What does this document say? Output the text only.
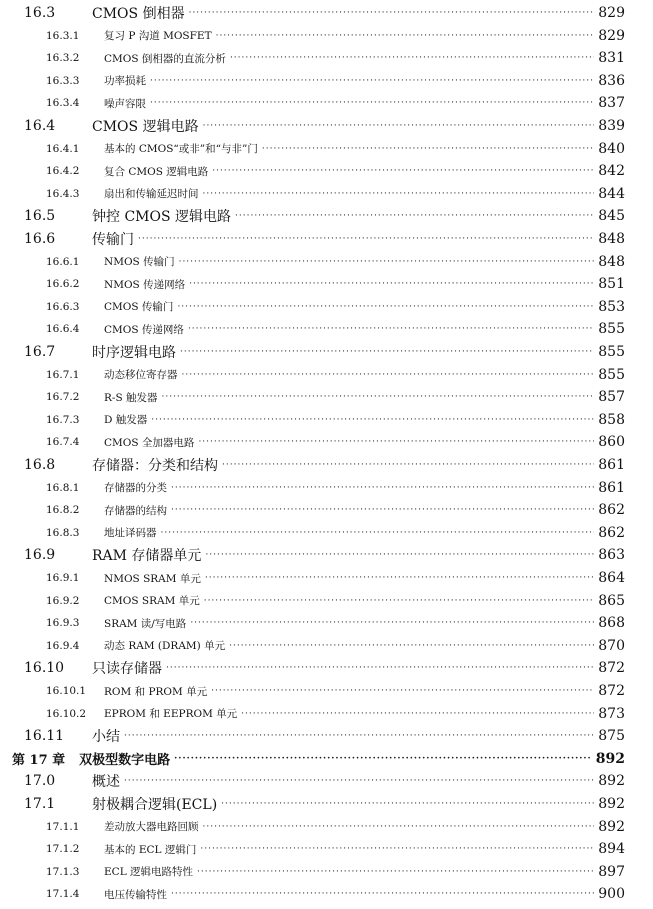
16.3	CMOS 倒相器 ·····	829
16.3.1	复习 P 沟道 MOSFET ·····	829
16.3.2	CMOS 倒相器的直流分析 ·····	831
16.3.3	功率损耗 ·····	836
16.3.4	噪声容限 ·····	837
16.4	CMOS 逻辑电路 ·····	839
16.4.1	基本的 CMOS“或非”和“与非”门 ·····	840
16.4.2	复合 CMOS 逻辑电路 ·····	842
16.4.3	扇出和传输延迟时间 ·····	844
16.5	钟控 CMOS 逻辑电路 ·····	845
16.6	传输门 ·····	848
16.6.1	NMOS 传输门 ·····	848
16.6.2	NMOS 传递网络 ·····	851
16.6.3	CMOS 传输门 ·····	853
16.6.4	CMOS 传递网络 ·····	855
16.7	时序逻辑电路 ·····	855
16.7.1	动态移位寄存器 ·····	855
16.7.2	R-S 触发器 ·····	857
16.7.3	D 触发器 ·····	858
16.7.4	CMOS 全加器电路 ·····	860
16.8	存储器：分类和结构 ·····	861
16.8.1	存储器的分类 ·····	861
16.8.2	存储器的结构 ·····	862
16.8.3	地址译码器 ·····	862
16.9	RAM 存储器单元 ·····	863
16.9.1	NMOS SRAM 单元 ·····	864
16.9.2	CMOS SRAM 单元 ·····	865
16.9.3	SRAM 读/写电路 ·····	868
16.9.4	动态 RAM (DRAM) 单元 ·····	870
16.10	只读存储器 ·····	872
16.10.1	ROM 和 PROM 单元 ·····	872
16.10.2	EPROM 和 EEPROM 单元 ·····	873
16.11	小结 ·····	875
第 17 章 双极型数字电路 ·····	892
17.0	概述 ·····	892
17.1	射极耦合逻辑(ECL) ·····	892
17.1.1	差动放大器电路回顾 ·····	892
17.1.2	基本的 ECL 逻辑门 ·····	894
17.1.3	ECL 逻辑电路特性 ·····	897
17.1.4	电压传输特性 ·····	900
